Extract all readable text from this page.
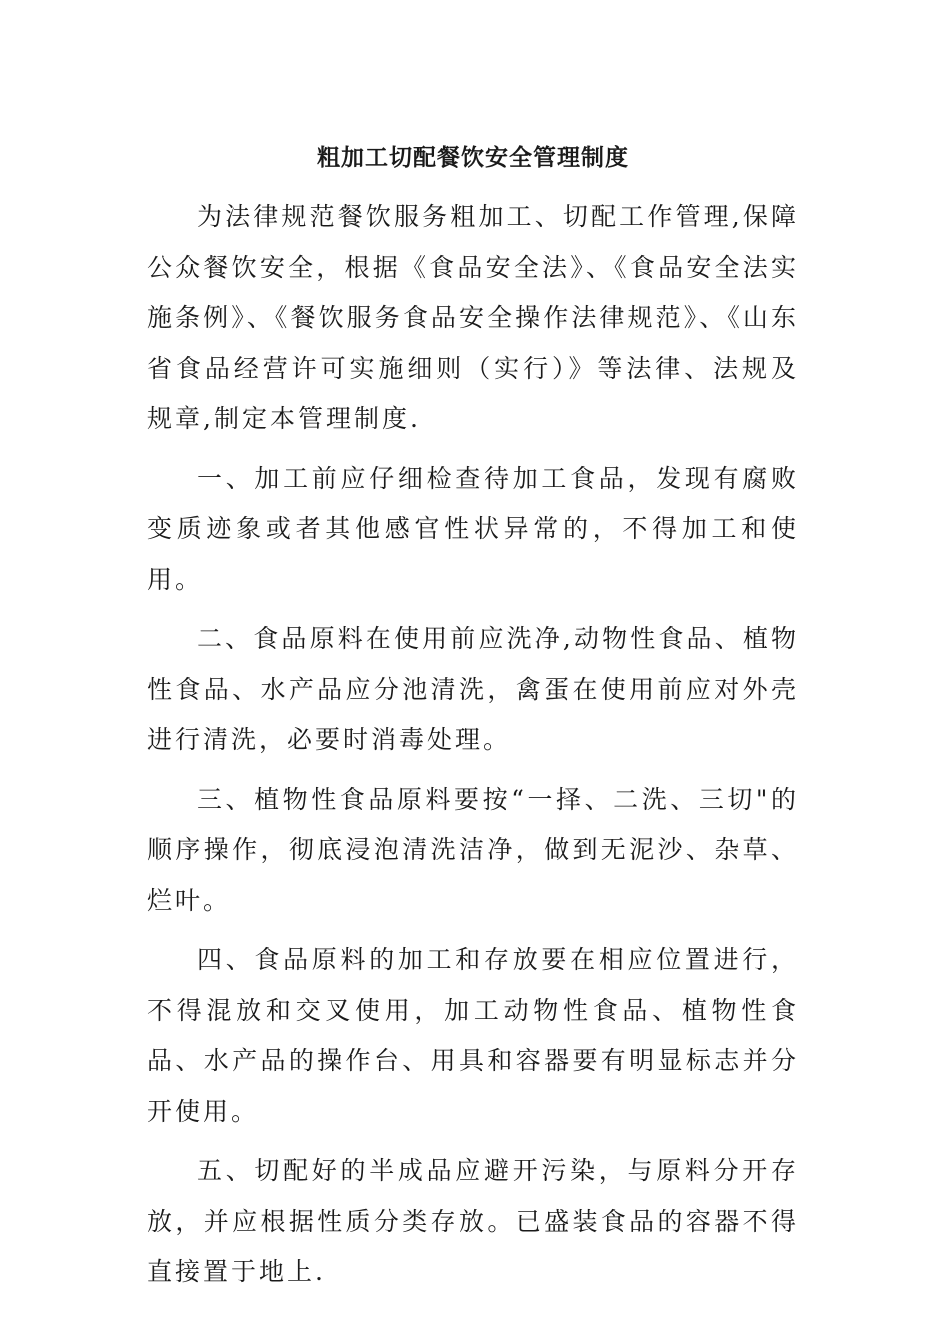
粗加工切配餐饮安全管理制度

为法律规范餐饮服务粗加工、切配工作管理,保障公众餐饮安全，根据《食品安全法》、《食品安全法实施条例》、《餐饮服务食品安全操作法律规范》、《山东省食品经营许可实施细则（实行）》等法律、法规及规章,制定本管理制度.

一、加工前应仔细检查待加工食品，发现有腐败变质迹象或者其他感官性状异常的，不得加工和使用。

二、食品原料在使用前应洗净,动物性食品、植物性食品、水产品应分池清洗，禽蛋在使用前应对外壳进行清洗，必要时消毒处理。

三、植物性食品原料要按“一择、二洗、三切"的顺序操作，彻底浸泡清洗洁净，做到无泥沙、杂草、烂叶。

四、食品原料的加工和存放要在相应位置进行，不得混放和交叉使用，加工动物性食品、植物性食品、水产品的操作台、用具和容器要有明显标志并分开使用。

五、切配好的半成品应避开污染，与原料分开存放，并应根据性质分类存放。已盛装食品的容器不得直接置于地上.
